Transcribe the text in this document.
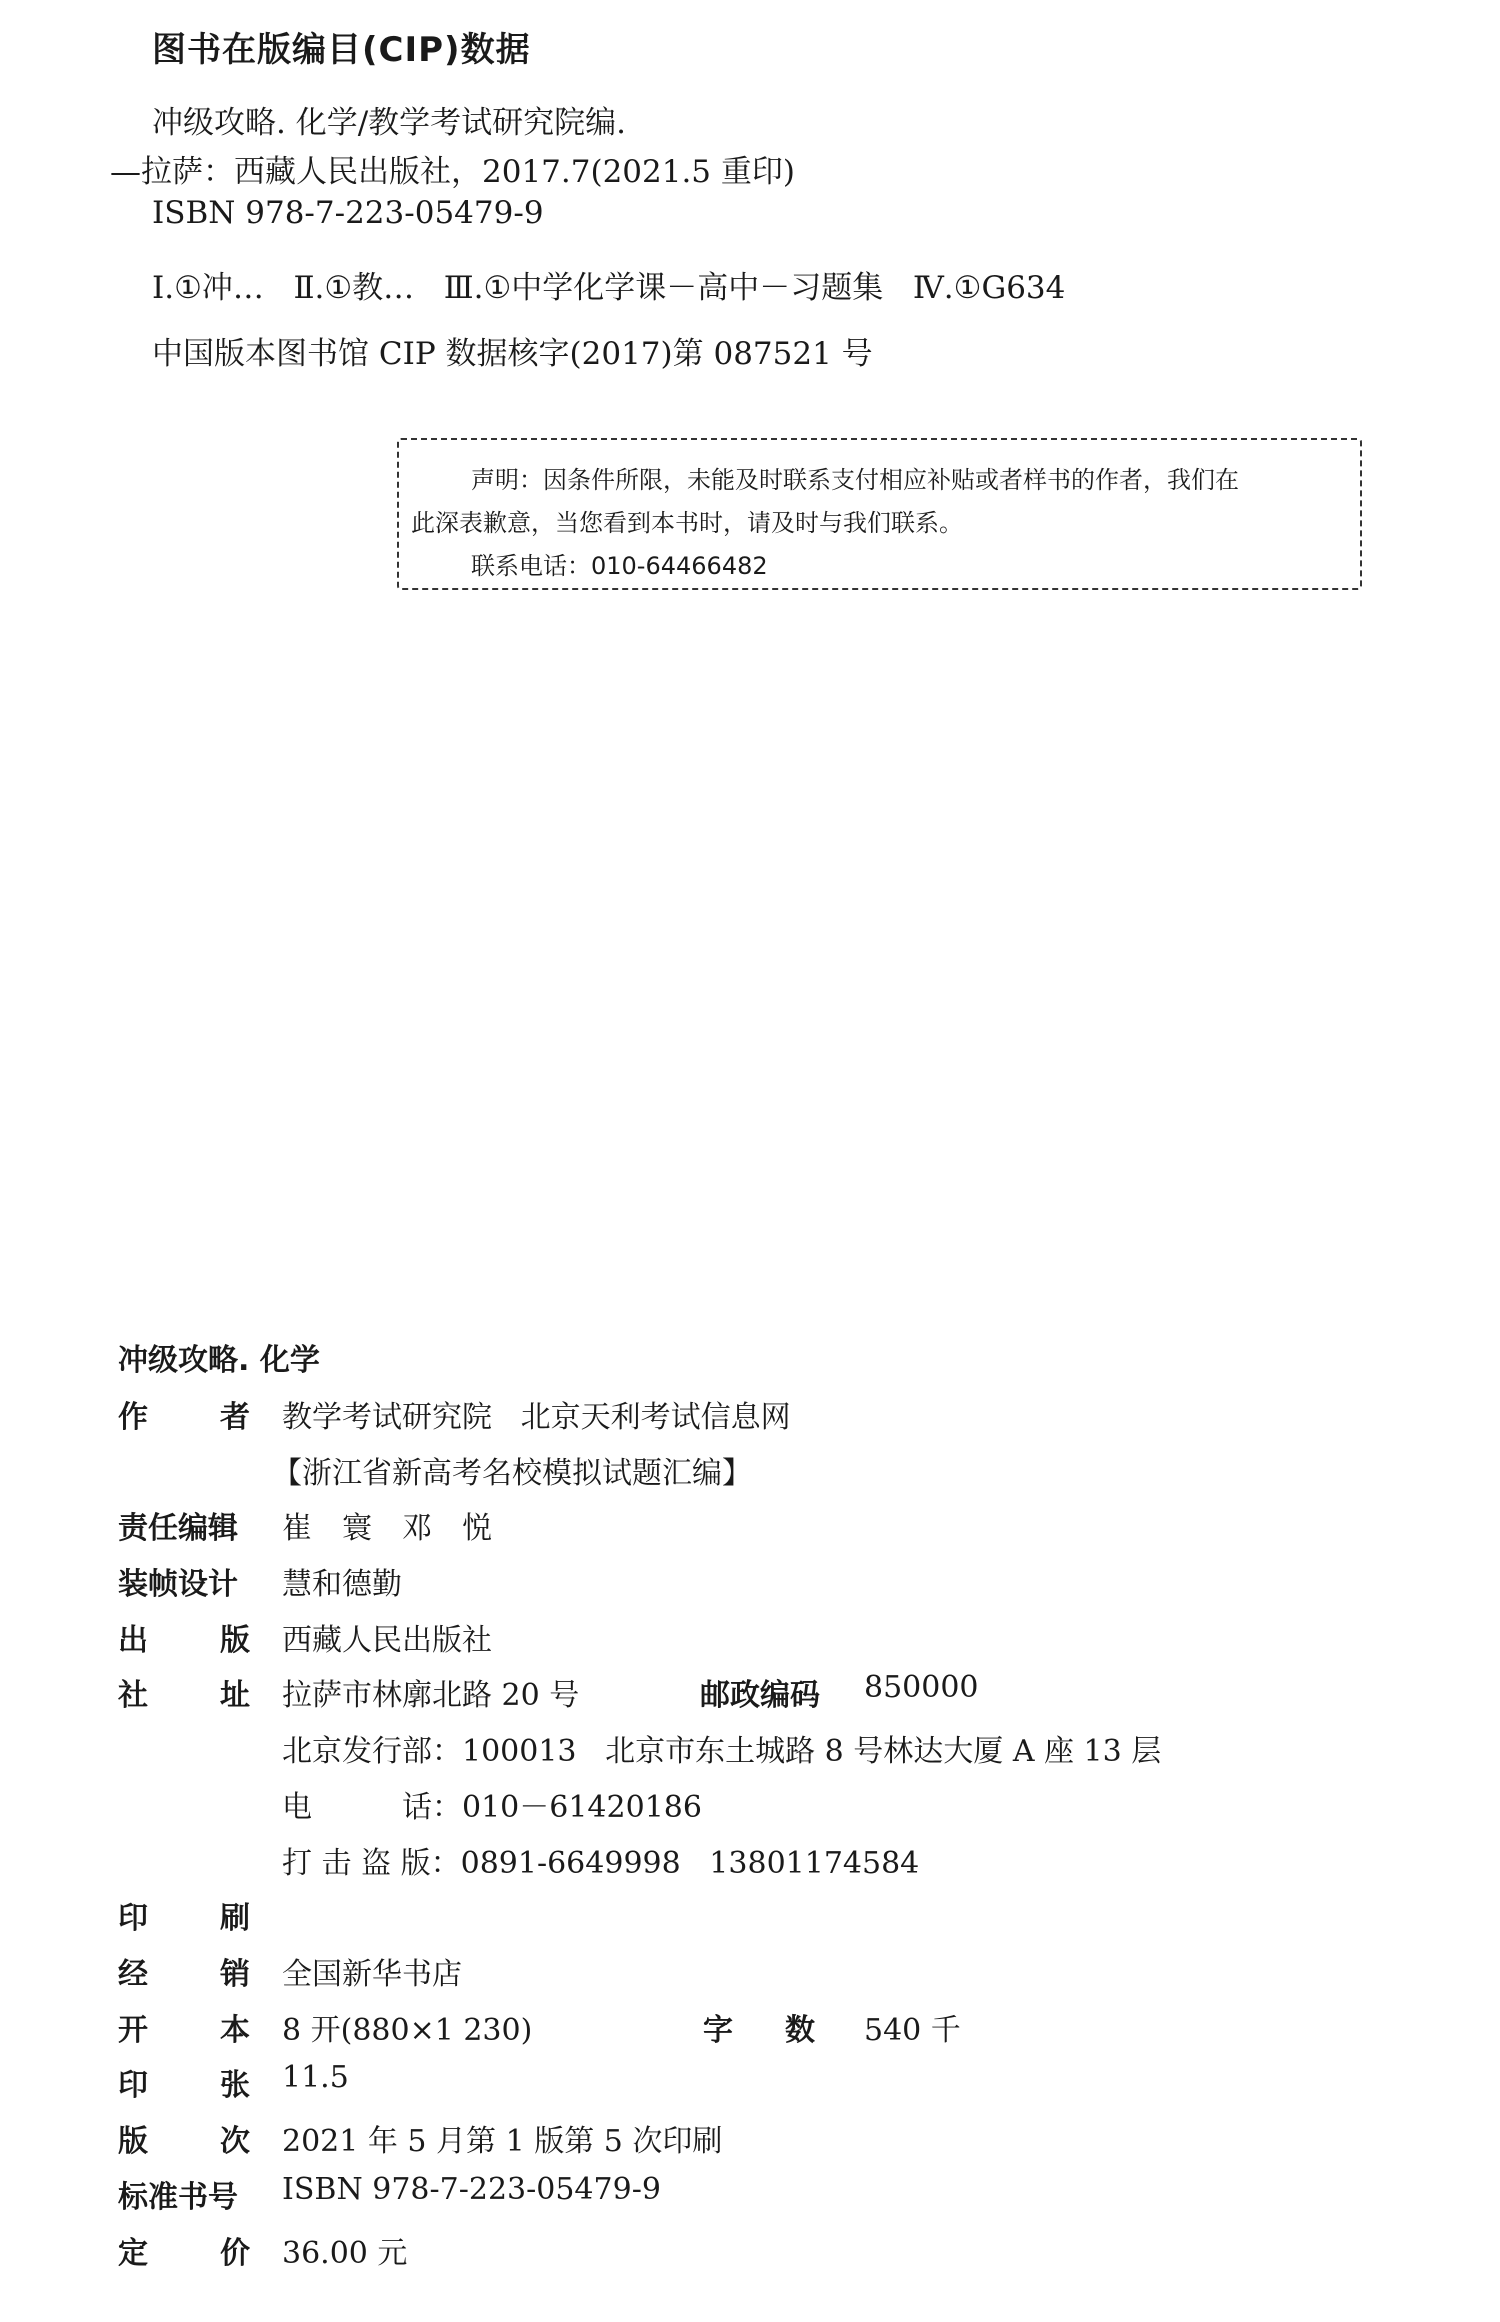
图书在版编目(CIP)数据
冲级攻略. 化学/教学考试研究院编.
—拉萨：西藏人民出版社，2017.7(2021.5 重印)
ISBN 978-7-223-05479-9
Ⅰ.①冲…   Ⅱ.①教…   Ⅲ.①中学化学课－高中－习题集   Ⅳ.①G634
中国版本图书馆 CIP 数据核字(2017)第 087521 号
声明：因条件所限，未能及时联系支付相应补贴或者样书的作者，我们在
此深表歉意，当您看到本书时，请及时与我们联系。
联系电话：010-64466482
冲级攻略. 化学
作 者 教学考试研究院   北京天利考试信息网
【浙江省新高考名校模拟试题汇编】
责任编辑 崔　寰　邓　悦
装帧设计 慧和德勤
出 版 西藏人民出版社
社 址 拉萨市林廓北路 20 号	邮政编码 850000
北京发行部：100013   北京市东土城路 8 号林达大厦 A 座 13 层
电　　　话：010－61420186
打 击 盗 版：0891-6649998   13801174584
印 刷
经 销 全国新华书店
开 本 8 开(880×1 230)	字 数 540 千
印 张 11.5
版 次 2021 年 5 月第 1 版第 5 次印刷
标准书号 ISBN 978-7-223-05479-9
定 价 36.00 元
